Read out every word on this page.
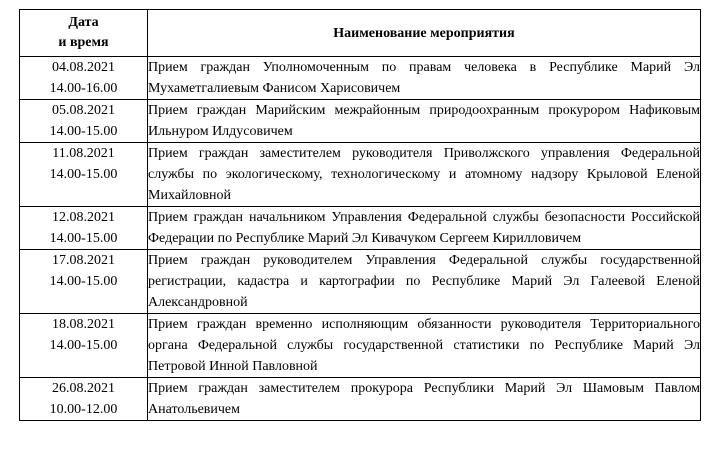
Дата
и время	Наименование мероприятия

04.08.2021
14.00-16.00	Прием граждан Уполномоченным по правам человека в Республике Марий Эл Мухаметгалиевым Фанисом Харисовичем

05.08.2021
14.00-15.00	Прием граждан Марийским межрайонным природоохранным прокурором Нафиковым Ильнуром Илдусовичем

11.08.2021
14.00-15.00	Прием граждан заместителем руководителя Приволжского управления Федеральной службы по экологическому, технологическому и атомному надзору Крыловой Еленой Михайловной

12.08.2021
14.00-15.00	Прием граждан начальником Управления Федеральной службы безопасности Российской Федерации по Республике Марий Эл Кивачуком Сергеем Кирилловичем

17.08.2021
14.00-15.00	Прием граждан руководителем Управления Федеральной службы государственной регистрации, кадастра и картографии по Республике Марий Эл Галеевой Еленой Александровной

18.08.2021
14.00-15.00	Прием граждан временно исполняющим обязанности руководителя Территориального органа Федеральной службы государственной статистики по Республике Марий Эл Петровой Инной Павловной

26.08.2021
10.00-12.00	Прием граждан заместителем прокурора Республики Марий Эл Шамовым Павлом Анатольевичем
